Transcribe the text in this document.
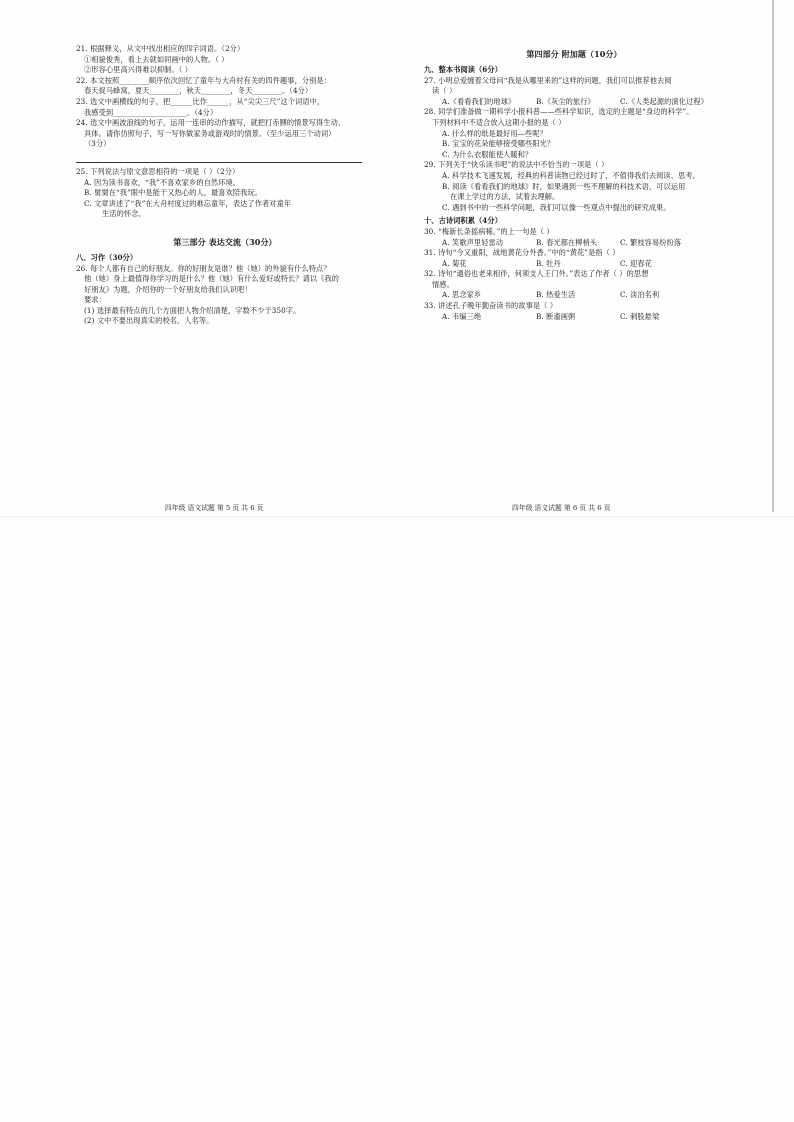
21. 根据释义，从文中找出相应的四字词语。（2分）
①相貌俊秀，看上去就如同画中的人物。（ ）
②形容心里高兴得难以抑制。（ ）
22. 本文按照________顺序依次回忆了童年与大舟村有关的四件趣事，分别是：
春天捉马蜂窝，夏天________，秋天________，冬天________。（4分）
23. 选文中画横线的句子，把______比作______，从“尖尖三尺”这个词语中，
我感受到____________________。（4分）
24. 选文中画波浪线的句子，运用一连串的动作描写，就把打赤膊的情景写得生动、
具体。请你仿照句子，写一写你做家务或游戏时的情景。（至少运用三个动词）
（3分）
25. 下列说法与原文意思相符的一项是（ ）（2分）
A. 因为读书喜欢，“我”不喜欢家乡的自然环境。
B. 舅舅在“我”眼中是能干又热心的人，最喜欢陪我玩。
C. 文章讲述了“我”在大舟村度过的难忘童年，表达了作者对童年
生活的怀念。
第三部分 表达交流（30分）
八、习作（30分）
26. 每个人都有自己的好朋友。你的好朋友是谁？他（她）的外貌有什么特点？
他（她）身上最值得你学习的是什么？他（她）有什么爱好或特长？请以《我的
好朋友》为题，介绍你的一个好朋友给我们认识吧！
要求：
(1) 选择最有特点的几个方面把人物介绍清楚，字数不少于350字。
(2) 文中不要出现真实的校名、人名等。
四年级 语文试题 第 5 页 共 6 页
第四部分 附加题（10分）
九、整本书阅读（6分）
27. 小明总爱缠着父母问“我是从哪里来的”这样的问题，我们可以推荐他去阅
读（ ）
A.《看看我们的地球》	B.《灰尘的旅行》	C.《人类起源的演化过程》
28. 同学们准备做一期科学小报科普——些科学知识，选定的主题是“身边的科学”。
下列材料中不适合放入这期小报的是（ ）
A. 什么样的纸是最好用—些呢？
B. 宝宝的花朵能够接受哪些阳光？
C. 为什么衣服能使人暖和？
29. 下列关于“快乐读书吧”的说法中不恰当的一项是（ ）
A. 科学技术飞速发展，经典的科普读物已经过时了，不值得我们去阅读、思考。
B. 阅读《看看我们的地球》时，如果遇到一些不理解的科技术语，可以运用
在课上学过的方法，试着去理解。
C. 遇到书中的一些科学问题，我们可以像一些观点中提出的研究成果。
十、古诗词积累（4分）
30. “梅新长条摇病稀。”的上一句是（ ）
A. 笑歌声里轻雷动	B. 春光都在柳梢头	C. 繁枝容易纷纷落
31. 诗句“今又重阳，战地黄花分外香。”中的“黄花”是指（ ）
A. 菊花	B. 牡丹	C. 迎春花
32. 诗句“通俗也老来相伴，何须支人王门外。”表达了作者（ ）的思想
情感。
A. 思念家乡	B. 热爱生活	C. 淡泊名利
33. 讲述孔子晚年勤奋读书的故事是（ ）
A. 韦编三绝	B. 断齑画粥	C. 刺股悬梁
四年级 语文试题 第 6 页 共 6 页
